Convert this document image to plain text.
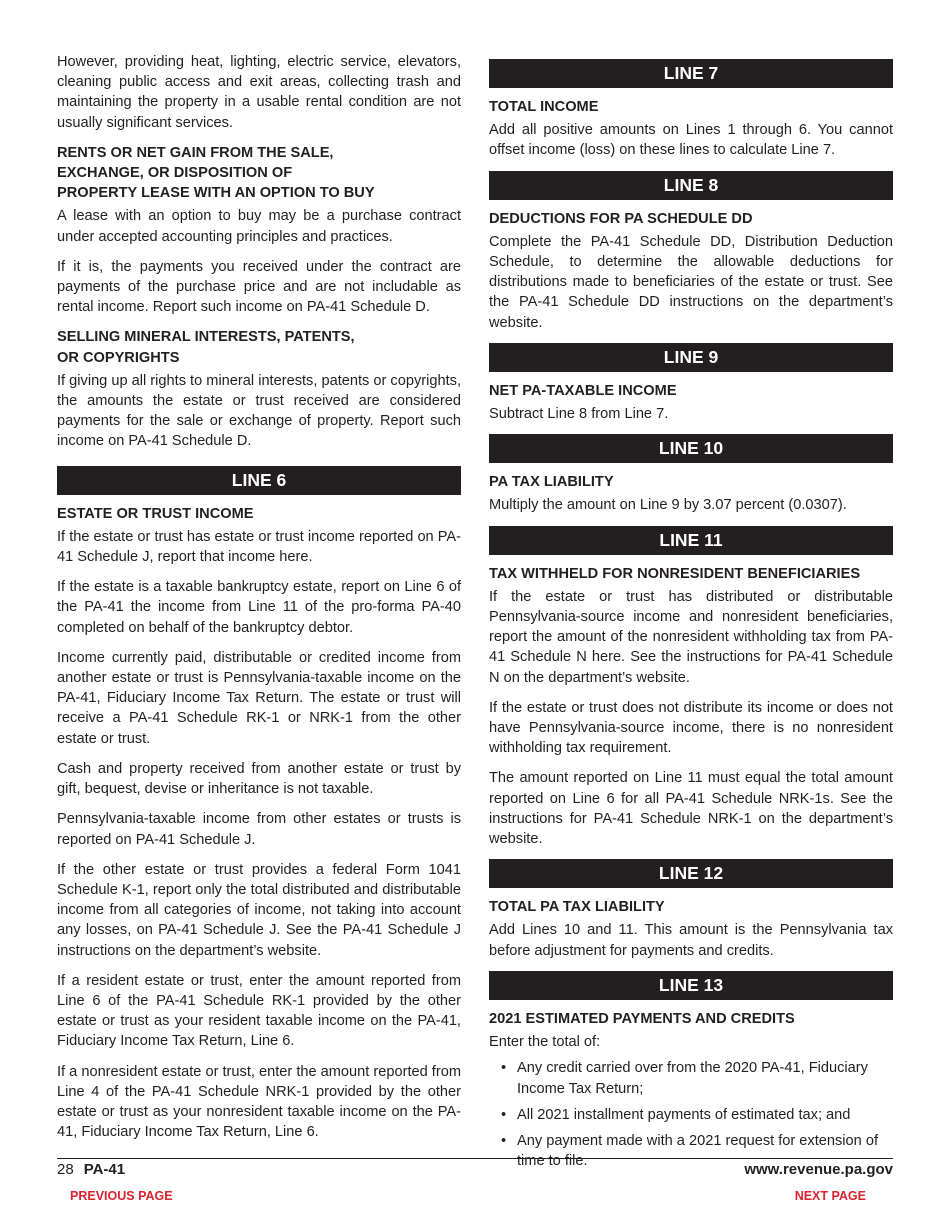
However, providing heat, lighting, electric service, elevators, cleaning public access and exit areas, collecting trash and maintaining the property in a usable rental condition are not usually significant services.

RENTS OR NET GAIN FROM THE SALE,
EXCHANGE, OR DISPOSITION OF
PROPERTY LEASE WITH AN OPTION TO BUY

A lease with an option to buy may be a purchase contract under accepted accounting principles and practices.

If it is, the payments you received under the contract are payments of the purchase price and are not includable as rental income. Report such income on PA-41 Schedule D.

SELLING MINERAL INTERESTS, PATENTS,
OR COPYRIGHTS

If giving up all rights to mineral interests, patents or copyrights, the amounts the estate or trust received are considered payments for the sale or exchange of property. Report such income on PA-41 Schedule D.

LINE 6
ESTATE OR TRUST INCOME

If the estate or trust has estate or trust income reported on PA-41 Schedule J, report that income here.

If the estate is a taxable bankruptcy estate, report on Line 6 of the PA-41 the income from Line 11 of the pro-forma PA-40 completed on behalf of the bankruptcy debtor.

Income currently paid, distributable or credited income from another estate or trust is Pennsylvania-taxable income on the PA-41, Fiduciary Income Tax Return. The estate or trust will receive a PA-41 Schedule RK-1 or NRK-1 from the other estate or trust.

Cash and property received from another estate or trust by gift, bequest, devise or inheritance is not taxable.

Pennsylvania-taxable income from other estates or trusts is reported on PA-41 Schedule J.

If the other estate or trust provides a federal Form 1041 Schedule K-1, report only the total distributed and distributable income from all categories of income, not taking into account any losses, on PA-41 Schedule J. See the PA-41 Schedule J instructions on the department’s website.

If a resident estate or trust, enter the amount reported from Line 6 of the PA-41 Schedule RK-1 provided by the other estate or trust as your resident taxable income on the PA-41, Fiduciary Income Tax Return, Line 6.

If a nonresident estate or trust, enter the amount reported from Line 4 of the PA-41 Schedule NRK-1 provided by the other estate or trust as your nonresident taxable income on the PA-41, Fiduciary Income Tax Return, Line 6.

LINE 7
TOTAL INCOME

Add all positive amounts on Lines 1 through 6. You cannot offset income (loss) on these lines to calculate Line 7.

LINE 8
DEDUCTIONS FOR PA SCHEDULE DD

Complete the PA-41 Schedule DD, Distribution Deduction Schedule, to determine the allowable deductions for distributions made to beneficiaries of the estate or trust. See the PA-41 Schedule DD instructions on the department’s website.

LINE 9
NET PA-TAXABLE INCOME

Subtract Line 8 from Line 7.

LINE 10
PA TAX LIABILITY

Multiply the amount on Line 9 by 3.07 percent (0.0307).

LINE 11
TAX WITHHELD FOR NONRESIDENT BENEFICIARIES

If the estate or trust has distributed or distributable Pennsylvania-source income and nonresident beneficiaries, report the amount of the nonresident withholding tax from PA-41 Schedule N here. See the instructions for PA-41 Schedule N on the department’s website.

If the estate or trust does not distribute its income or does not have Pennsylvania-source income, there is no nonresident withholding tax requirement.

The amount reported on Line 11 must equal the total amount reported on Line 6 for all PA-41 Schedule NRK-1s. See the instructions for PA-41 Schedule NRK-1 on the department’s website.

LINE 12
TOTAL PA TAX LIABILITY

Add Lines 10 and 11. This amount is the Pennsylvania tax before adjustment for payments and credits.

LINE 13
2021 ESTIMATED PAYMENTS AND CREDITS

Enter the total of:

• Any credit carried over from the 2020 PA-41, Fiduciary Income Tax Return;
• All 2021 installment payments of estimated tax; and
• Any payment made with a 2021 request for extension of time to file.
28 PA-41	www.revenue.pa.gov
PREVIOUS PAGE	NEXT PAGE
